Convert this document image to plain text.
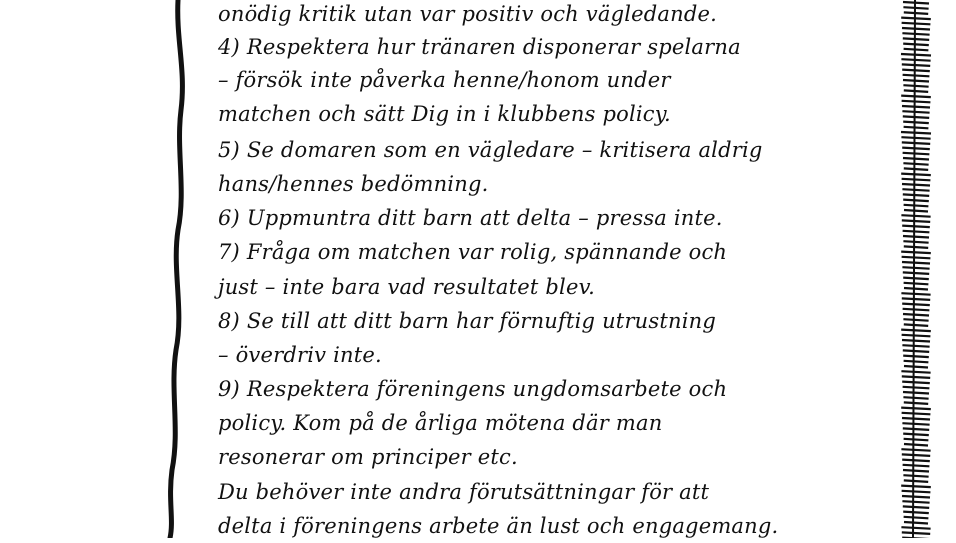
onödig kritik utan var positiv och vägledande.
4) Respektera hur tränaren disponerar spelarna
– försök inte påverka henne/honom under
matchen och sätt Dig in i klubbens policy.
5) Se domaren som en vägledare – kritisera aldrig
hans/hennes bedömning.
6) Uppmuntra ditt barn att delta – pressa inte.
7) Fråga om matchen var rolig, spännande och
just – inte bara vad resultatet blev.
8) Se till att ditt barn har förnuftig utrustning
– överdriv inte.
9) Respektera föreningens ungdomsarbete och
policy. Kom på de årliga mötena där man
resonerar om principer etc.
Du behöver inte andra förutsättningar för att
delta i föreningens arbete än lust och engagemang.
